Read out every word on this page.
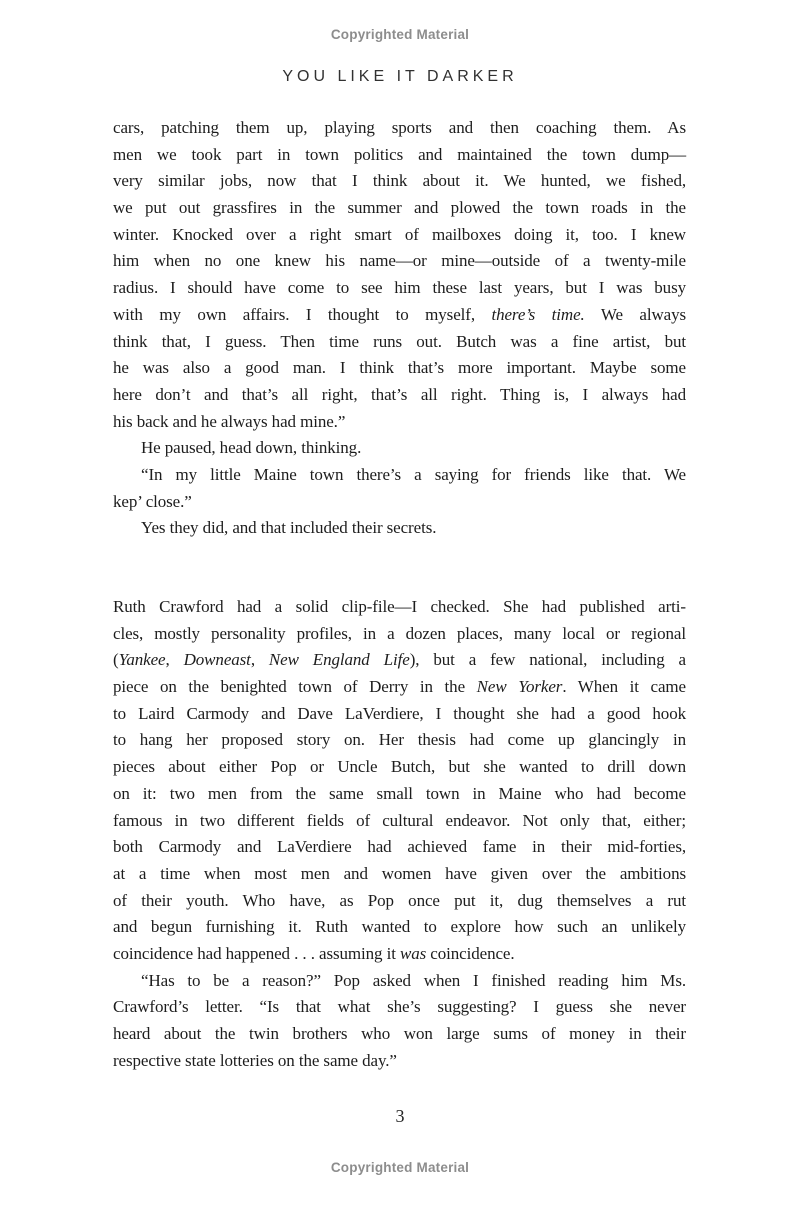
Copyrighted Material
YOU LIKE IT DARKER
cars, patching them up, playing sports and then coaching them. As
men we took part in town politics and maintained the town dump—
very similar jobs, now that I think about it. We hunted, we fished,
we put out grassfires in the summer and plowed the town roads in the
winter. Knocked over a right smart of mailboxes doing it, too. I knew
him when no one knew his name—or mine—outside of a twenty-mile
radius. I should have come to see him these last years, but I was busy
with my own affairs. I thought to myself, there’s time. We always
think that, I guess. Then time runs out. Butch was a fine artist, but
he was also a good man. I think that’s more important. Maybe some
here don’t and that’s all right, that’s all right. Thing is, I always had
his back and he always had mine.”
He paused, head down, thinking.
“In my little Maine town there’s a saying for friends like that. We
kep’ close.”
Yes they did, and that included their secrets.
Ruth Crawford had a solid clip-file—I checked. She had published arti-
cles, mostly personality profiles, in a dozen places, many local or regional
(Yankee, Downeast, New England Life), but a few national, including a
piece on the benighted town of Derry in the New Yorker. When it came
to Laird Carmody and Dave LaVerdiere, I thought she had a good hook
to hang her proposed story on. Her thesis had come up glancingly in
pieces about either Pop or Uncle Butch, but she wanted to drill down
on it: two men from the same small town in Maine who had become
famous in two different fields of cultural endeavor. Not only that, either;
both Carmody and LaVerdiere had achieved fame in their mid-forties,
at a time when most men and women have given over the ambitions
of their youth. Who have, as Pop once put it, dug themselves a rut
and begun furnishing it. Ruth wanted to explore how such an unlikely
coincidence had happened . . . assuming it was coincidence.
“Has to be a reason?” Pop asked when I finished reading him Ms.
Crawford’s letter. “Is that what she’s suggesting? I guess she never
heard about the twin brothers who won large sums of money in their
respective state lotteries on the same day.”
3
Copyrighted Material
